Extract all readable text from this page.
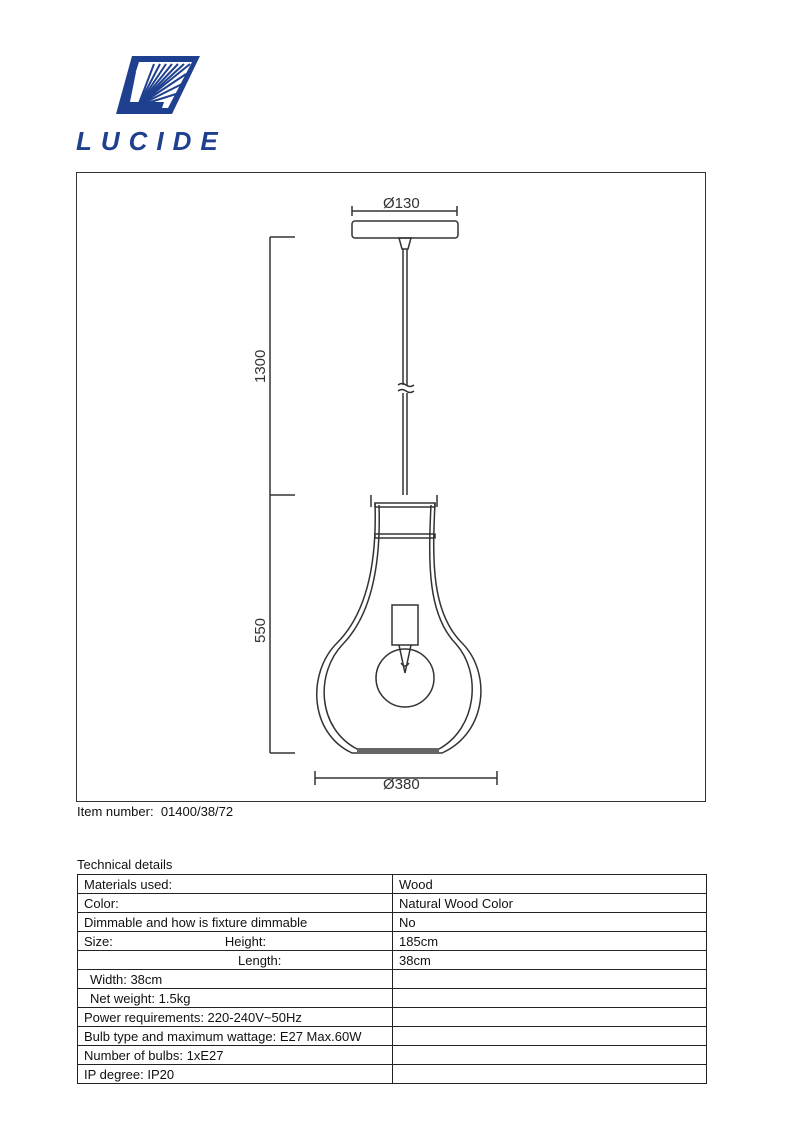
LUCIDE
Ø130
1300
550
Ø380
Item number: 01400/38/72
Technical details
Materials used:	Wood
Color:	Natural Wood Color
Dimmable and how is fixture dimmable	No
Size: Height:	185cm
Length:	38cm
Width: 38cm	
Net weight: 1.5kg	
Power requirements: 220-240V~50Hz	
Bulb type and maximum wattage: E27 Max.60W	
Number of bulbs: 1xE27	
IP degree: IP20	
